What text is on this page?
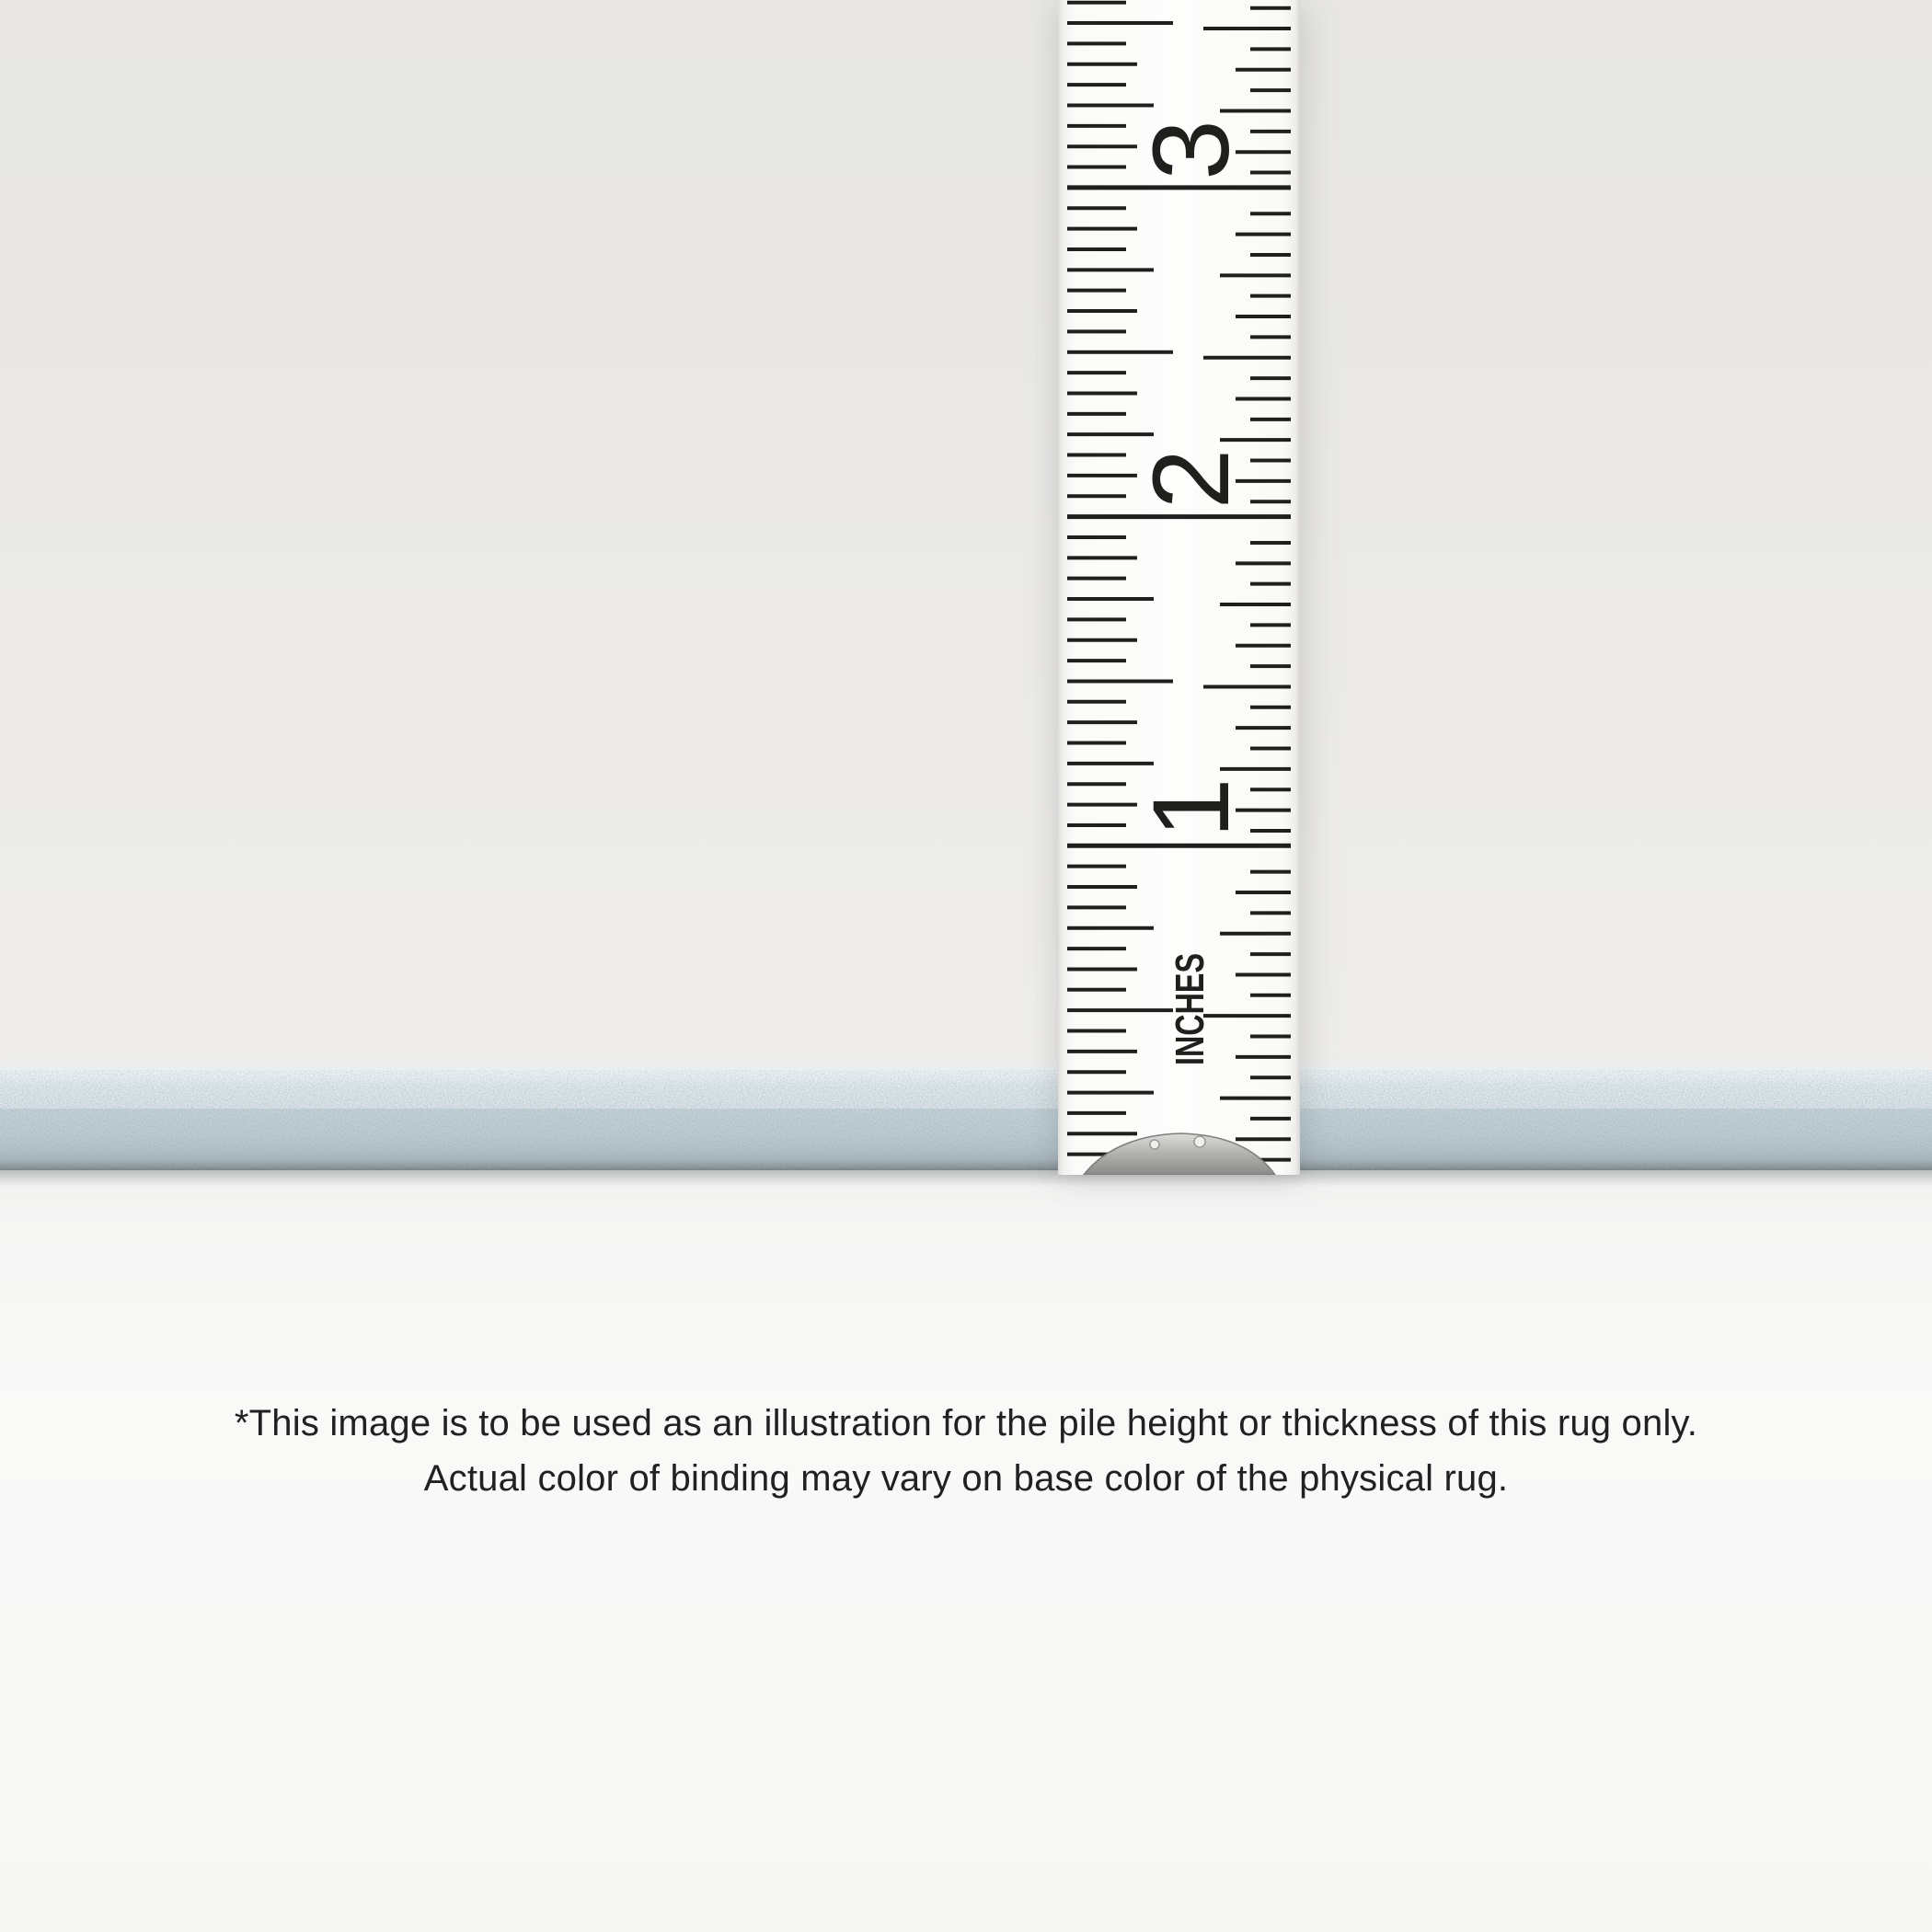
1
2
3
INCHES

*This image is to be used as an illustration for the pile height or thickness of this rug only.

Actual color of binding may vary on base color of the physical rug.
